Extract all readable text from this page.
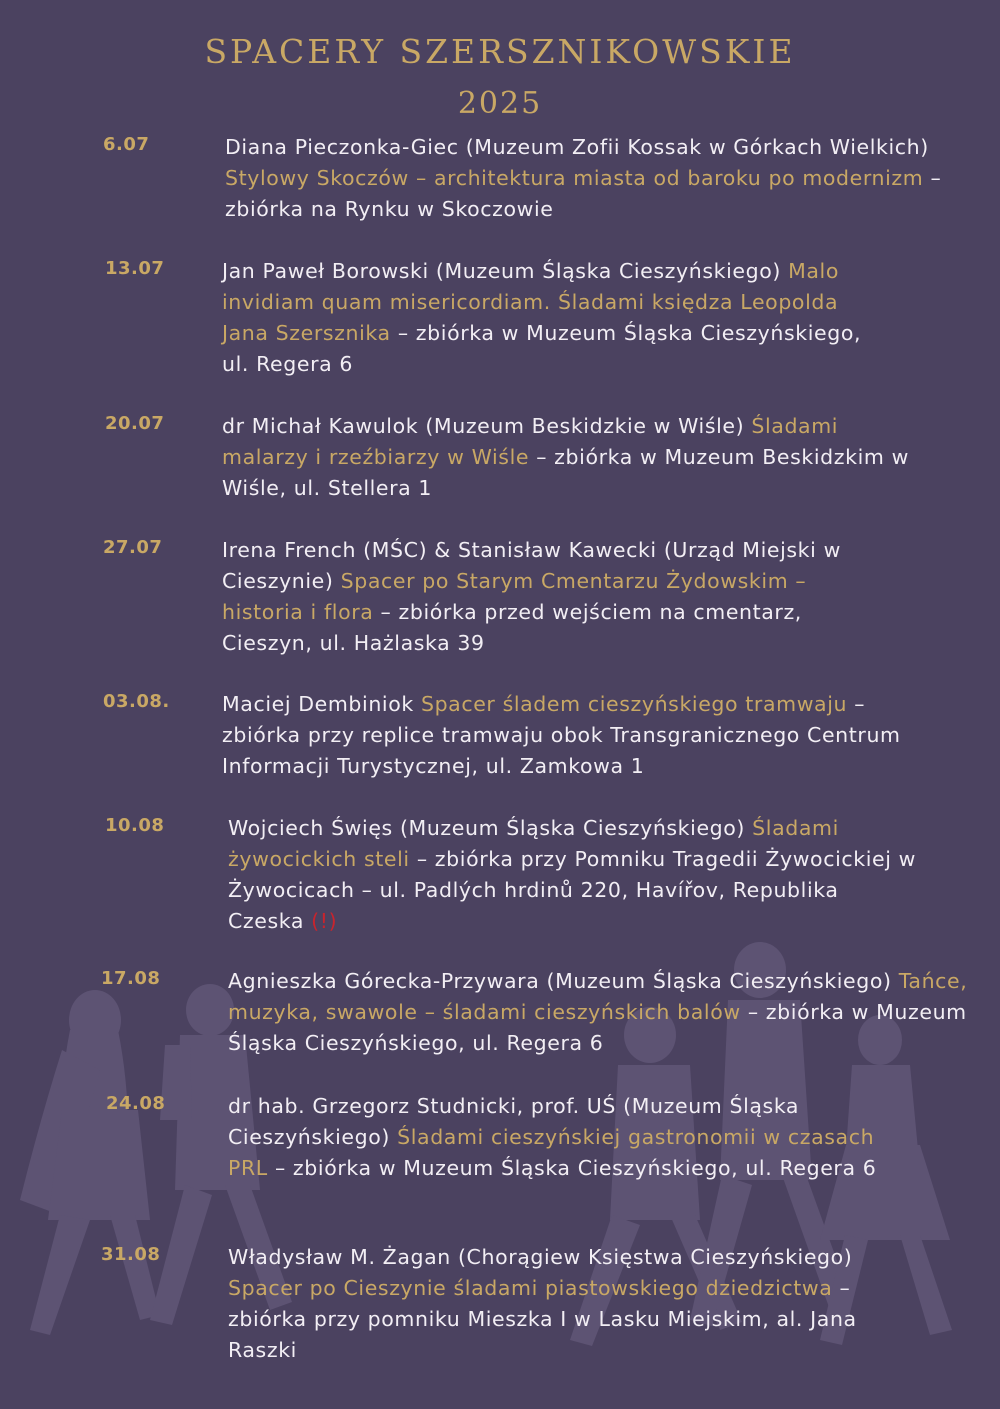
SPACERY SZERSZNIKOWSKIE
2025
6.07	Diana Pieczonka-Giec (Muzeum Zofii Kossak w Górkach Wielkich) Stylowy Skoczów – architektura miasta od baroku po modernizm – zbiórka na Rynku w Skoczowie
13.07	Jan Paweł Borowski (Muzeum Śląska Cieszyńskiego) Malo invidiam quam misericordiam. Śladami księdza Leopolda Jana Szersznika – zbiórka w Muzeum Śląska Cieszyńskiego, ul. Regera 6
20.07	dr Michał Kawulok (Muzeum Beskidzkie w Wiśle) Śladami malarzy i rzeźbiarzy w Wiśle – zbiórka w Muzeum Beskidzkim w Wiśle, ul. Stellera 1
27.07	Irena French (MŚC) & Stanisław Kawecki (Urząd Miejski w Cieszynie) Spacer po Starym Cmentarzu Żydowskim – historia i flora – zbiórka przed wejściem na cmentarz, Cieszyn, ul. Hażlaska 39
03.08.	Maciej Dembiniok Spacer śladem cieszyńskiego tramwaju – zbiórka przy replice tramwaju obok Transgranicznego Centrum Informacji Turystycznej, ul. Zamkowa 1
10.08	Wojciech Święs (Muzeum Śląska Cieszyńskiego) Śladami żywocickich steli – zbiórka przy Pomniku Tragedii Żywocickiej w Żywocicach – ul. Padlých hrdinů 220, Havířov, Republika Czeska (!)
17.08	Agnieszka Górecka-Przywara (Muzeum Śląska Cieszyńskiego) Tańce, muzyka, swawole – śladami cieszyńskich balów – zbiórka w Muzeum Śląska Cieszyńskiego, ul. Regera 6
24.08	dr hab. Grzegorz Studnicki, prof. UŚ (Muzeum Śląska Cieszyńskiego) Śladami cieszyńskiej gastronomii w czasach PRL – zbiórka w Muzeum Śląska Cieszyńskiego, ul. Regera 6
31.08	Władysław M. Żagan (Chorągiew Księstwa Cieszyńskiego) Spacer po Cieszynie śladami piastowskiego dziedzictwa – zbiórka przy pomniku Mieszka I w Lasku Miejskim, al. Jana Raszki
